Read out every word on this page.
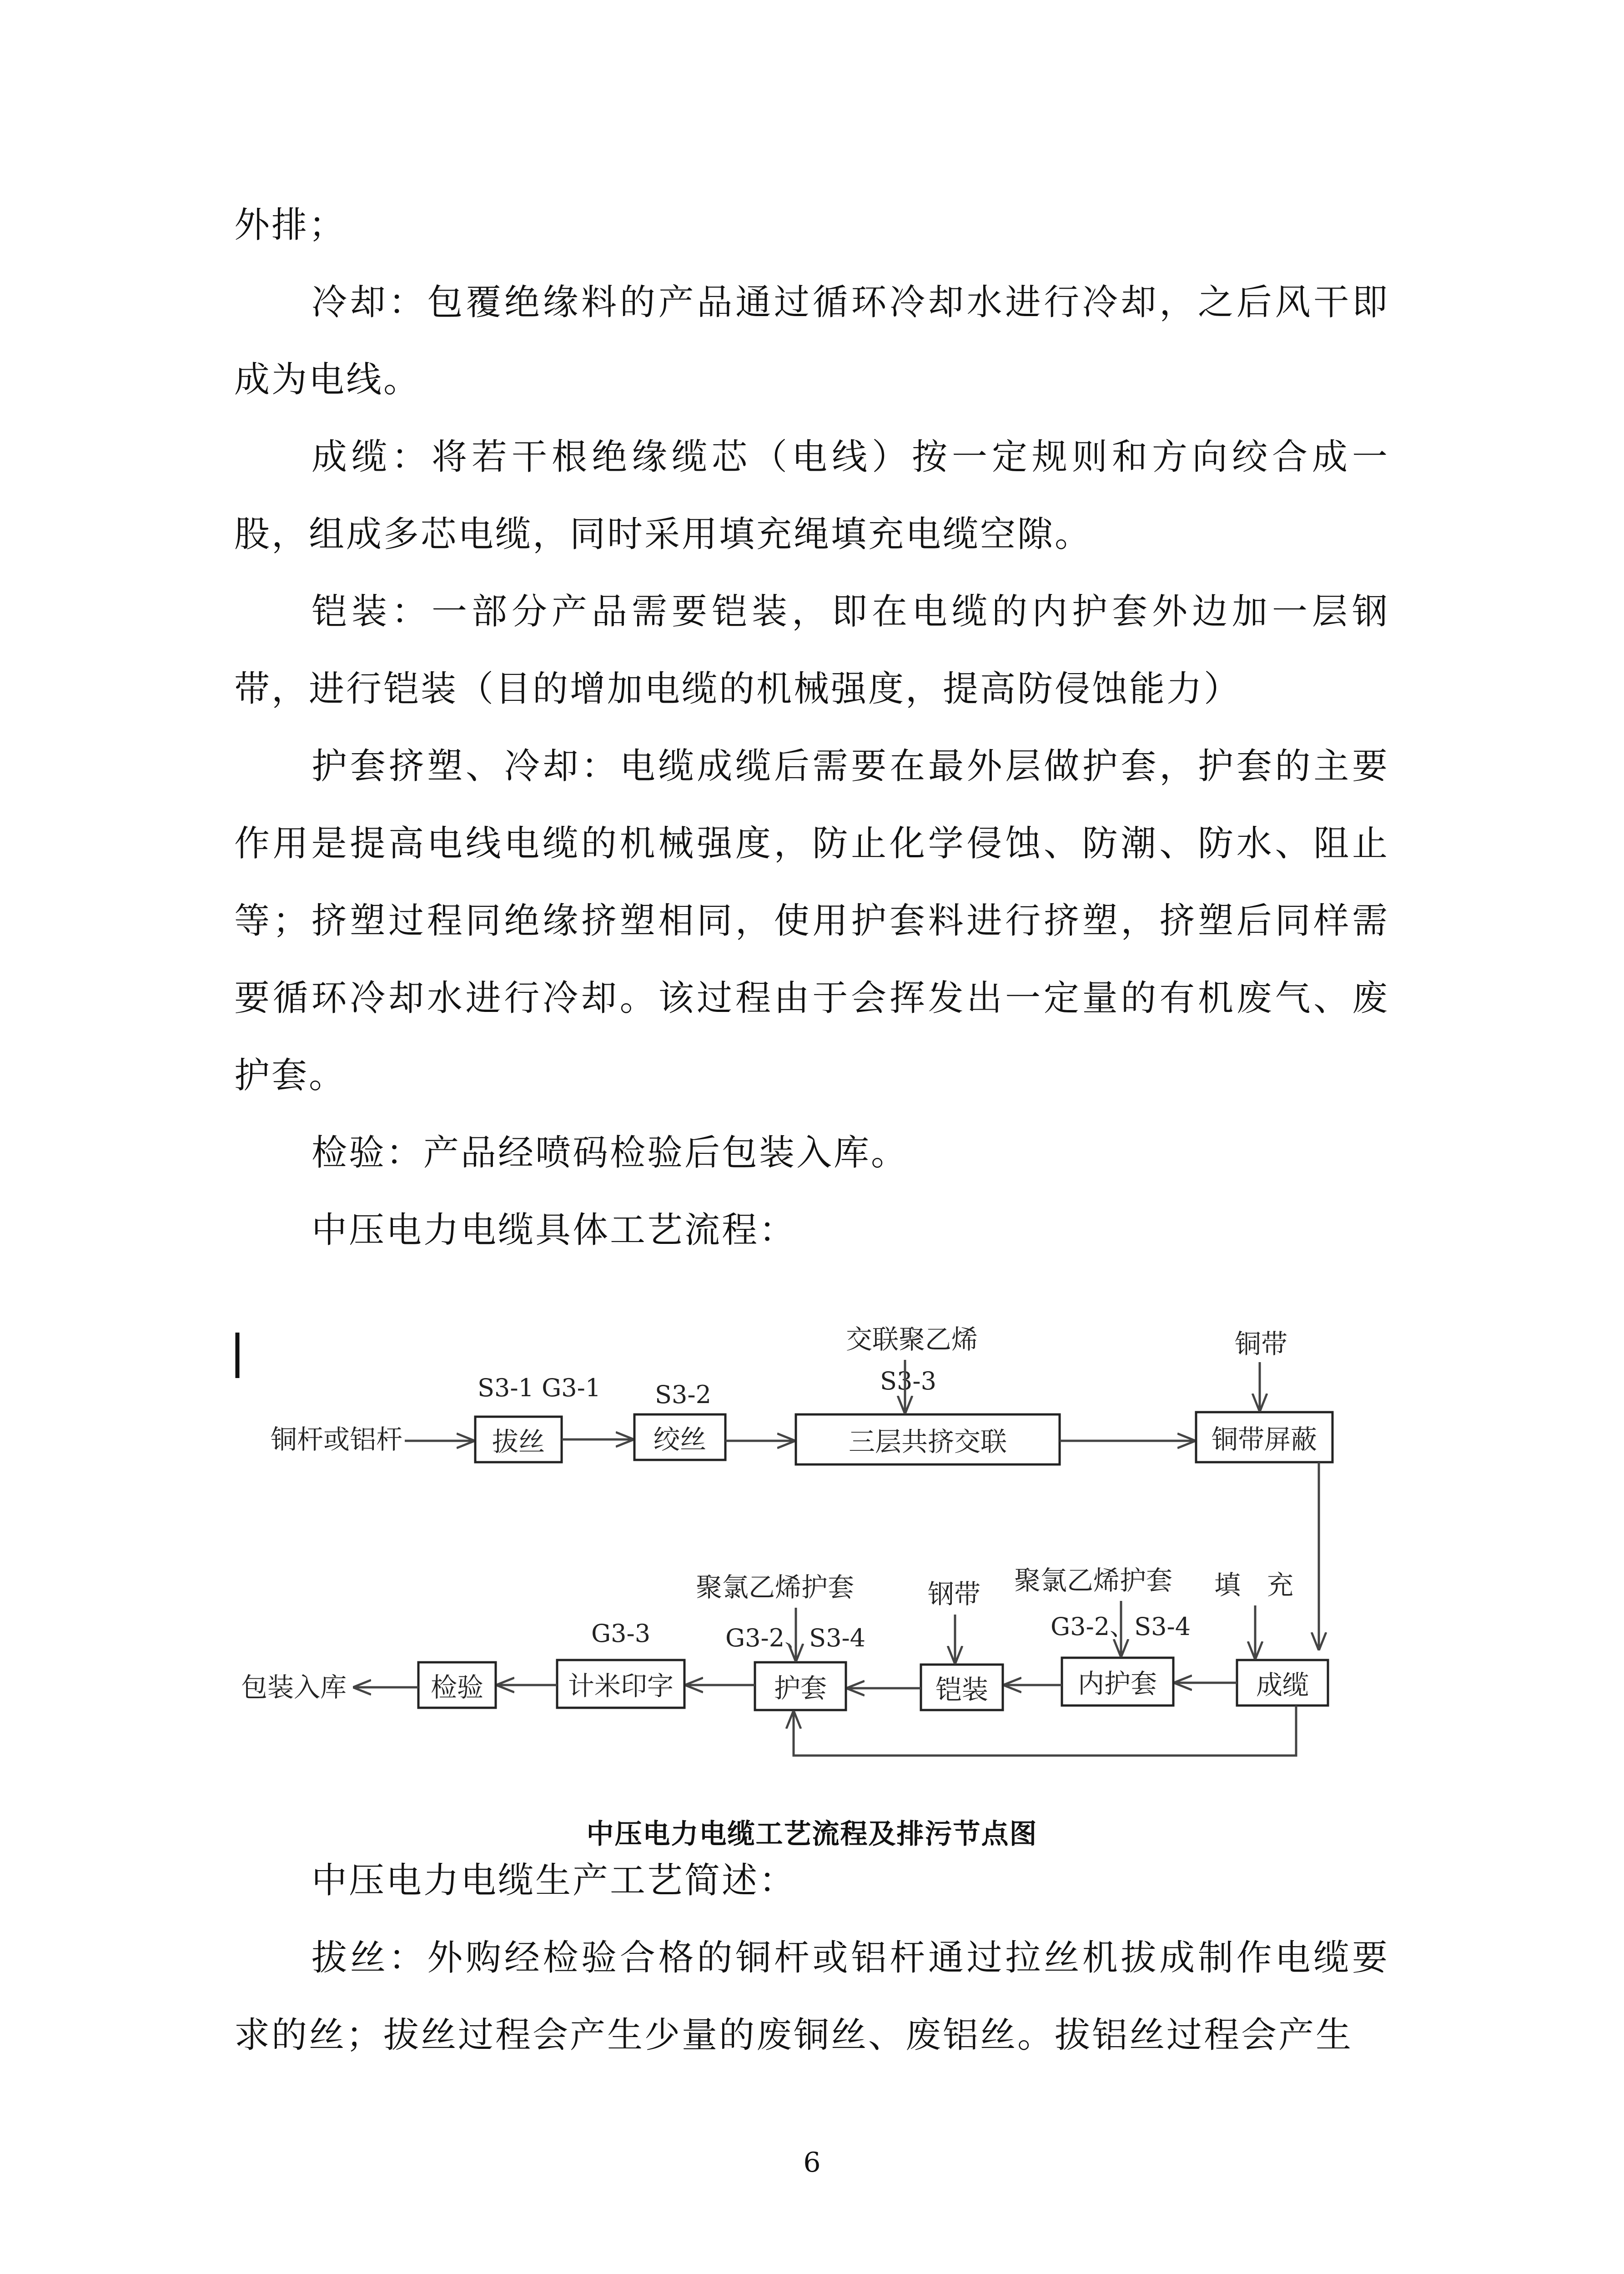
外排；

冷却：包覆绝缘料的产品通过循环冷却水进行冷却，之后风干即成为电线。

成缆：将若干根绝缘缆芯（电线）按一定规则和方向绞合成一股，组成多芯电缆，同时采用填充绳填充电缆空隙。

铠装：一部分产品需要铠装，即在电缆的内护套外边加一层钢带，进行铠装（目的增加电缆的机械强度，提高防侵蚀能力）

护套挤塑、冷却：电缆成缆后需要在最外层做护套，护套的主要作用是提高电线电缆的机械强度，防止化学侵蚀、防潮、防水、阻止等；挤塑过程同绝缘挤塑相同，使用护套料进行挤塑，挤塑后同样需要循环冷却水进行冷却。该过程由于会挥发出一定量的有机废气、废护套。

检验：产品经喷码检验后包装入库。

中压电力电缆具体工艺流程：

铜杆或铝杆	拔丝
S3-1 G3-1
绞丝
S3-2
三层共挤交联
交联聚乙烯
S3-3
铜带屏蔽
铜带
成缆
填　充
内护套
聚氯乙烯护套
G3-2、S3-4
铠装
钢带
护套
聚氯乙烯护套
G3-2、S3-4
计米印字
G3-3
检验
包装入库

中压电力电缆工艺流程及排污节点图

中压电力电缆生产工艺简述：

拔丝：外购经检验合格的铜杆或铝杆通过拉丝机拔成制作电缆要求的丝；拔丝过程会产生少量的废铜丝、废铝丝。拔铝丝过程会产生

6
